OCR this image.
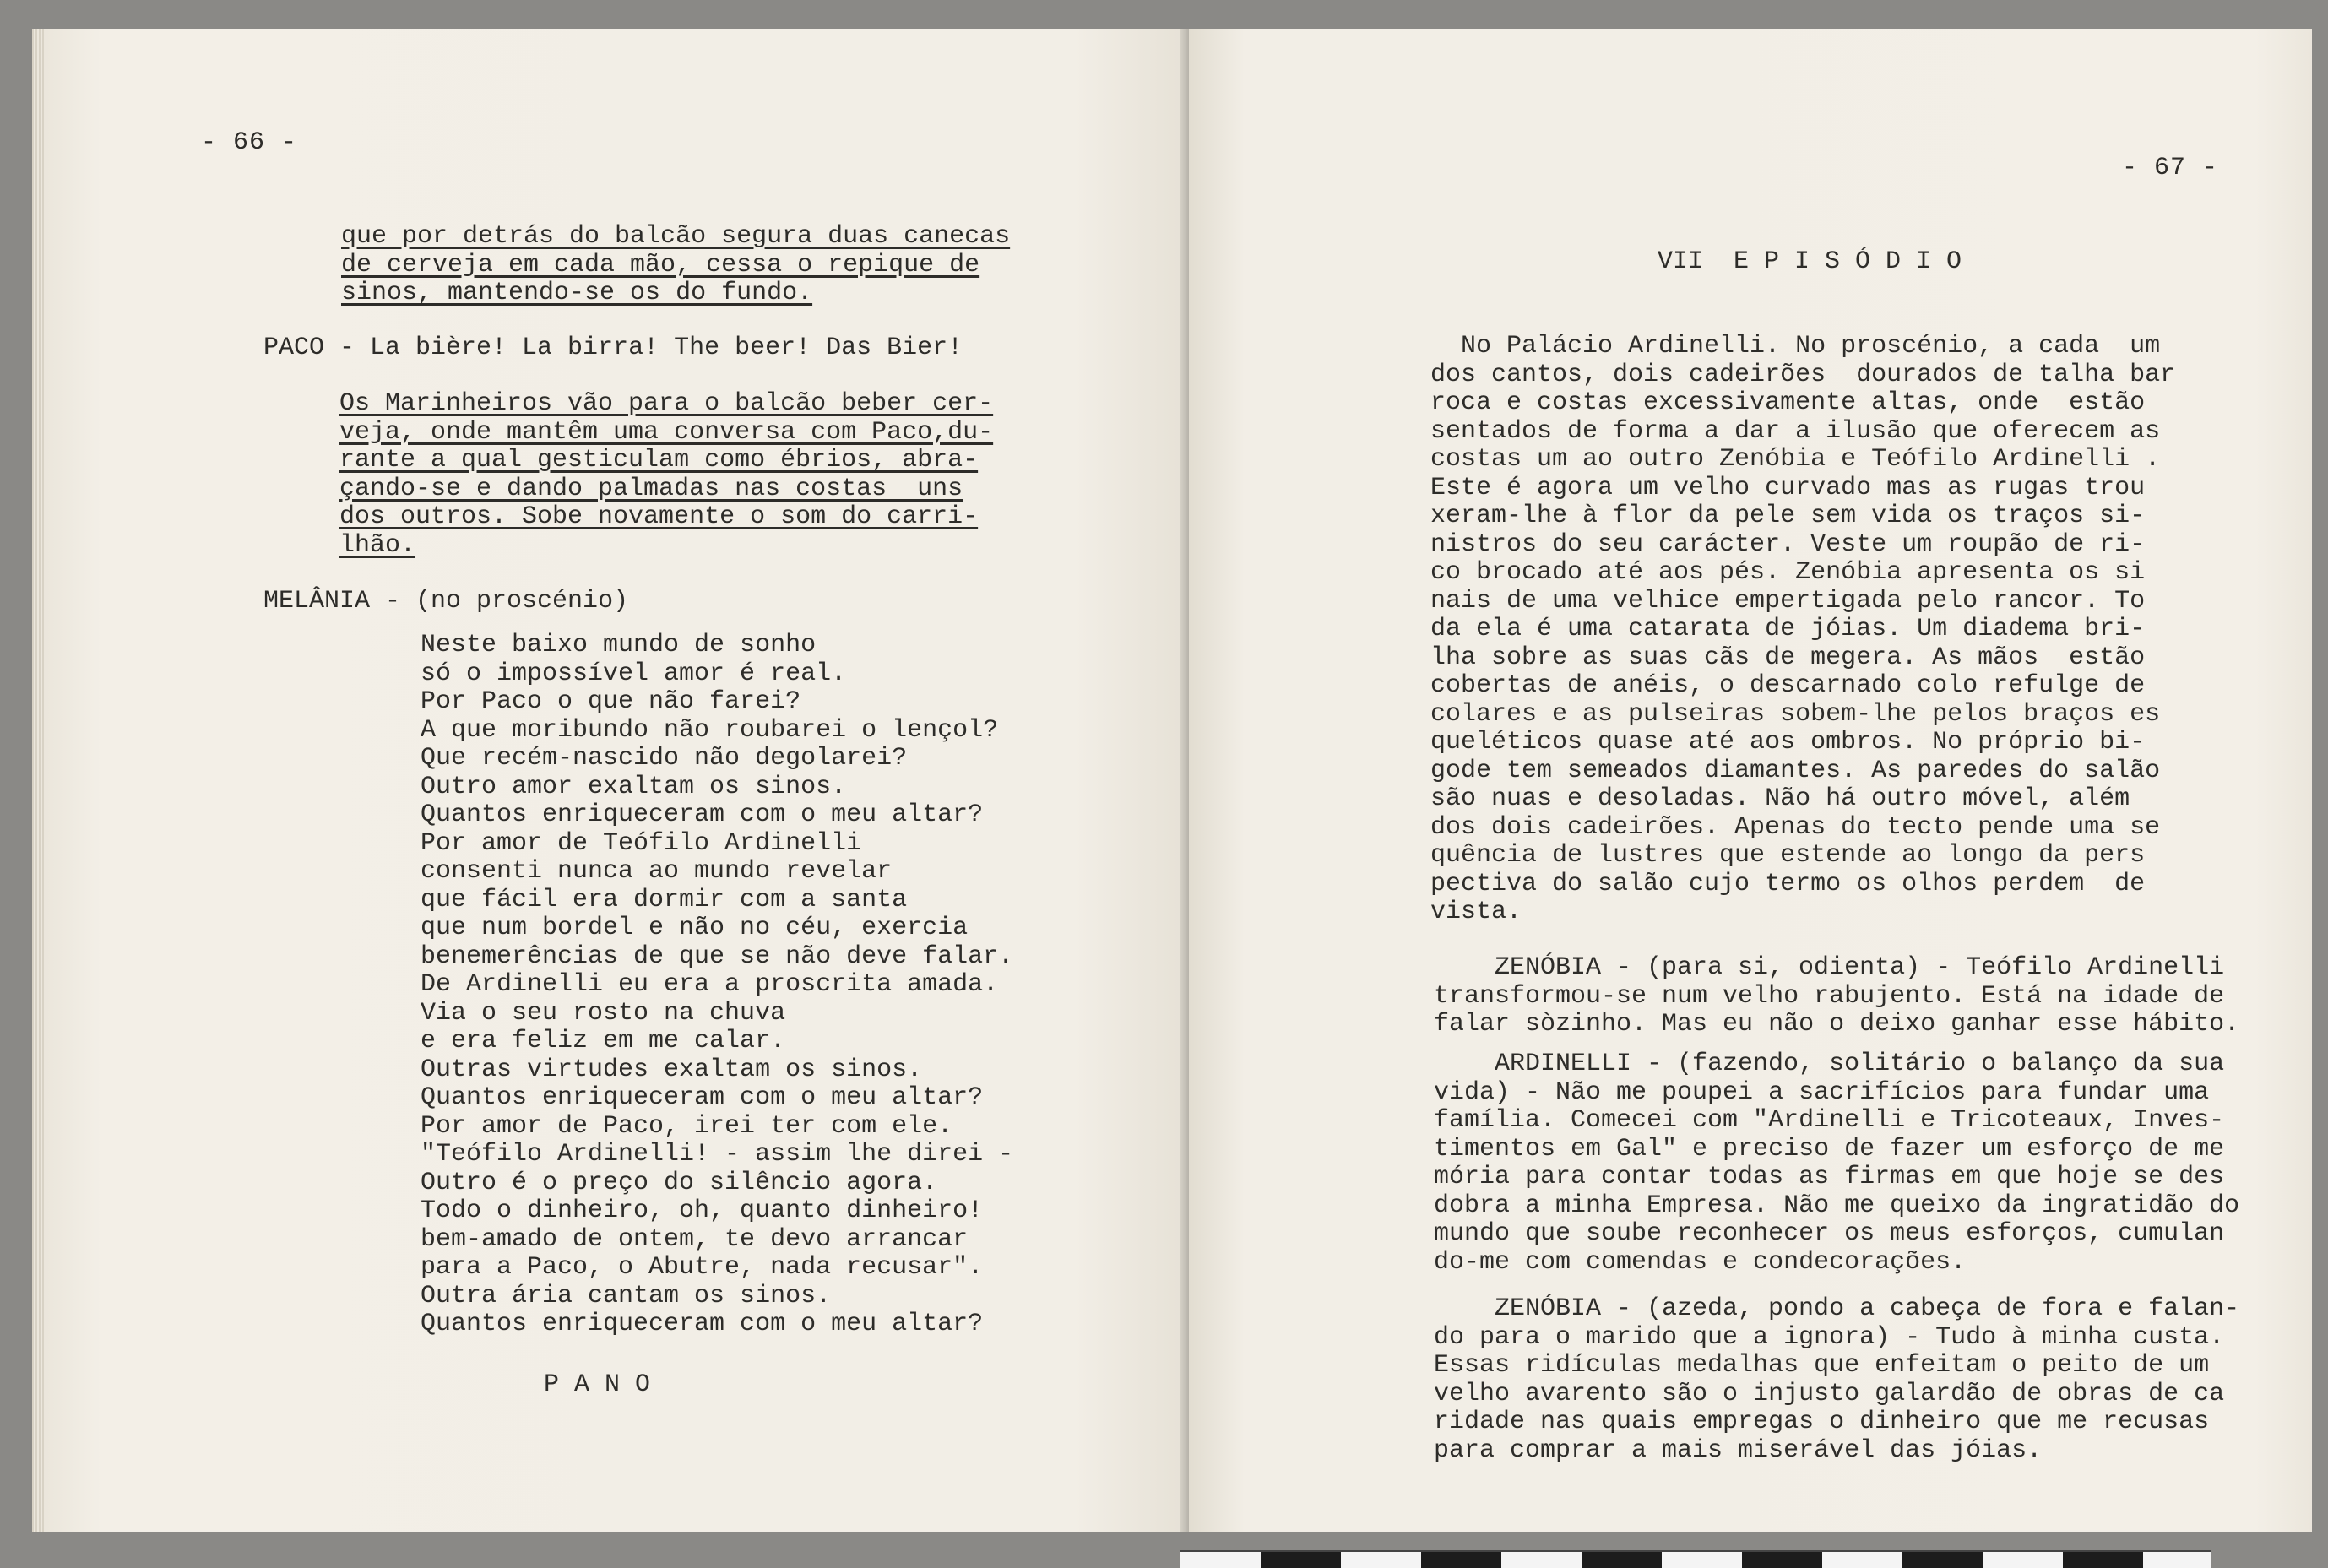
- 66 -

que por detrás do balcão segura duas canecas

de cerveja em cada mão, cessa o repique de

sinos, mantendo-se os do fundo.

PACO - La bière! La birra! The beer! Das Bier!

Os Marinheiros vão para o balcão beber cer-

veja, onde mantêm uma conversa com Paco,du-

rante a qual gesticulam como ébrios, abra-

çando-se e dando palmadas nas costas  uns

dos outros. Sobe novamente o som do carri-

lhão.

MELÂNIA - (no proscénio)

Neste baixo mundo de sonho

só o impossível amor é real.

Por Paco o que não farei?

A que moribundo não roubarei o lençol?

Que recém-nascido não degolarei?

Outro amor exaltam os sinos.

Quantos enriqueceram com o meu altar?

Por amor de Teófilo Ardinelli

consenti nunca ao mundo revelar

que fácil era dormir com a santa

que num bordel e não no céu, exercia

benemerências de que se não deve falar.

De Ardinelli eu era a proscrita amada.

Via o seu rosto na chuva

e era feliz em me calar.

Outras virtudes exaltam os sinos.

Quantos enriqueceram com o meu altar?

Por amor de Paco, irei ter com ele.

"Teófilo Ardinelli! - assim lhe direi -

Outro é o preço do silêncio agora.

Todo o dinheiro, oh, quanto dinheiro!

bem-amado de ontem, te devo arrancar

para a Paco, o Abutre, nada recusar".

Outra ária cantam os sinos.

Quantos enriqueceram com o meu altar?

P A N O

- 67 -

VII  E P I S Ó D I O

No Palácio Ardinelli. No proscénio, a cada  um

dos cantos, dois cadeirões  dourados de talha bar

roca e costas excessivamente altas, onde  estão

sentados de forma a dar a ilusão que oferecem as

costas um ao outro Zenóbia e Teófilo Ardinelli .

Este é agora um velho curvado mas as rugas trou

xeram-lhe à flor da pele sem vida os traços si-

nistros do seu carácter. Veste um roupão de ri-

co brocado até aos pés. Zenóbia apresenta os si

nais de uma velhice empertigada pelo rancor. To

da ela é uma catarata de jóias. Um diadema bri-

lha sobre as suas cãs de megera. As mãos  estão

cobertas de anéis, o descarnado colo refulge de

colares e as pulseiras sobem-lhe pelos braços es

queléticos quase até aos ombros. No próprio bi-

gode tem semeados diamantes. As paredes do salão

são nuas e desoladas. Não há outro móvel, além

dos dois cadeirões. Apenas do tecto pende uma se

quência de lustres que estende ao longo da pers

pectiva do salão cujo termo os olhos perdem  de

vista.

ZENÓBIA - (para si, odienta) - Teófilo Ardinelli

transformou-se num velho rabujento. Está na idade de

falar sòzinho. Mas eu não o deixo ganhar esse hábito.

ARDINELLI - (fazendo, solitário o balanço da sua

vida) - Não me poupei a sacrifícios para fundar uma

família. Comecei com "Ardinelli e Tricoteaux, Inves-

timentos em Gal" e preciso de fazer um esforço de me

mória para contar todas as firmas em que hoje se des

dobra a minha Empresa. Não me queixo da ingratidão do

mundo que soube reconhecer os meus esforços, cumulan

do-me com comendas e condecorações.

ZENÓBIA - (azeda, pondo a cabeça de fora e falan-

do para o marido que a ignora) - Tudo à minha custa.

Essas ridículas medalhas que enfeitam o peito de um

velho avarento são o injusto galardão de obras de ca

ridade nas quais empregas o dinheiro que me recusas

para comprar a mais miserável das jóias.
